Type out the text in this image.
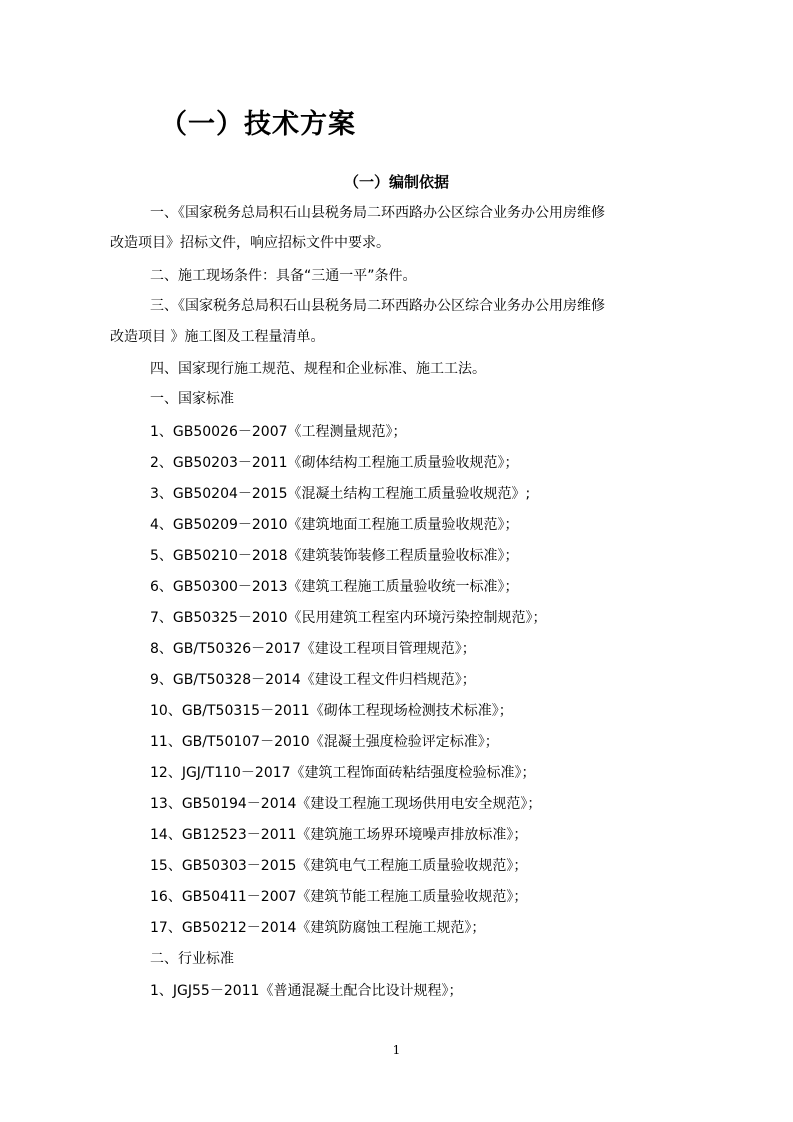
（一）技术方案
（一）编制依据
一、《国家税务总局积石山县税务局二环西路办公区综合业务办公用房维修
改造项目》招标文件，响应招标文件中要求。
二、施工现场条件：具备“三通一平”条件。
三、《国家税务总局积石山县税务局二环西路办公区综合业务办公用房维修
改造项目 》施工图及工程量清单。
四、国家现行施工规范、规程和企业标准、施工工法。
一、国家标准
1、GB50026－2007《工程测量规范》；
2、GB50203－2011《砌体结构工程施工质量验收规范》；
3、GB50204－2015《混凝土结构工程施工质量验收规范》;
4、GB50209－2010《建筑地面工程施工质量验收规范》；
5、GB50210－2018《建筑装饰装修工程质量验收标准》；
6、GB50300－2013《建筑工程施工质量验收统一标准》；
7、GB50325－2010《民用建筑工程室内环境污染控制规范》；
8、GB/T50326－2017《建设工程项目管理规范》；
9、GB/T50328－2014《建设工程文件归档规范》；
10、GB/T50315－2011《砌体工程现场检测技术标准》；
11、GB/T50107－2010《混凝土强度检验评定标准》；
12、JGJ/T110－2017《建筑工程饰面砖粘结强度检验标准》；
13、GB50194－2014《建设工程施工现场供用电安全规范》；
14、GB12523－2011《建筑施工场界环境噪声排放标准》；
15、GB50303－2015《建筑电气工程施工质量验收规范》；
16、GB50411－2007《建筑节能工程施工质量验收规范》；
17、GB50212－2014《建筑防腐蚀工程施工规范》；
二、行业标准
1、JGJ55－2011《普通混凝土配合比设计规程》；
1
